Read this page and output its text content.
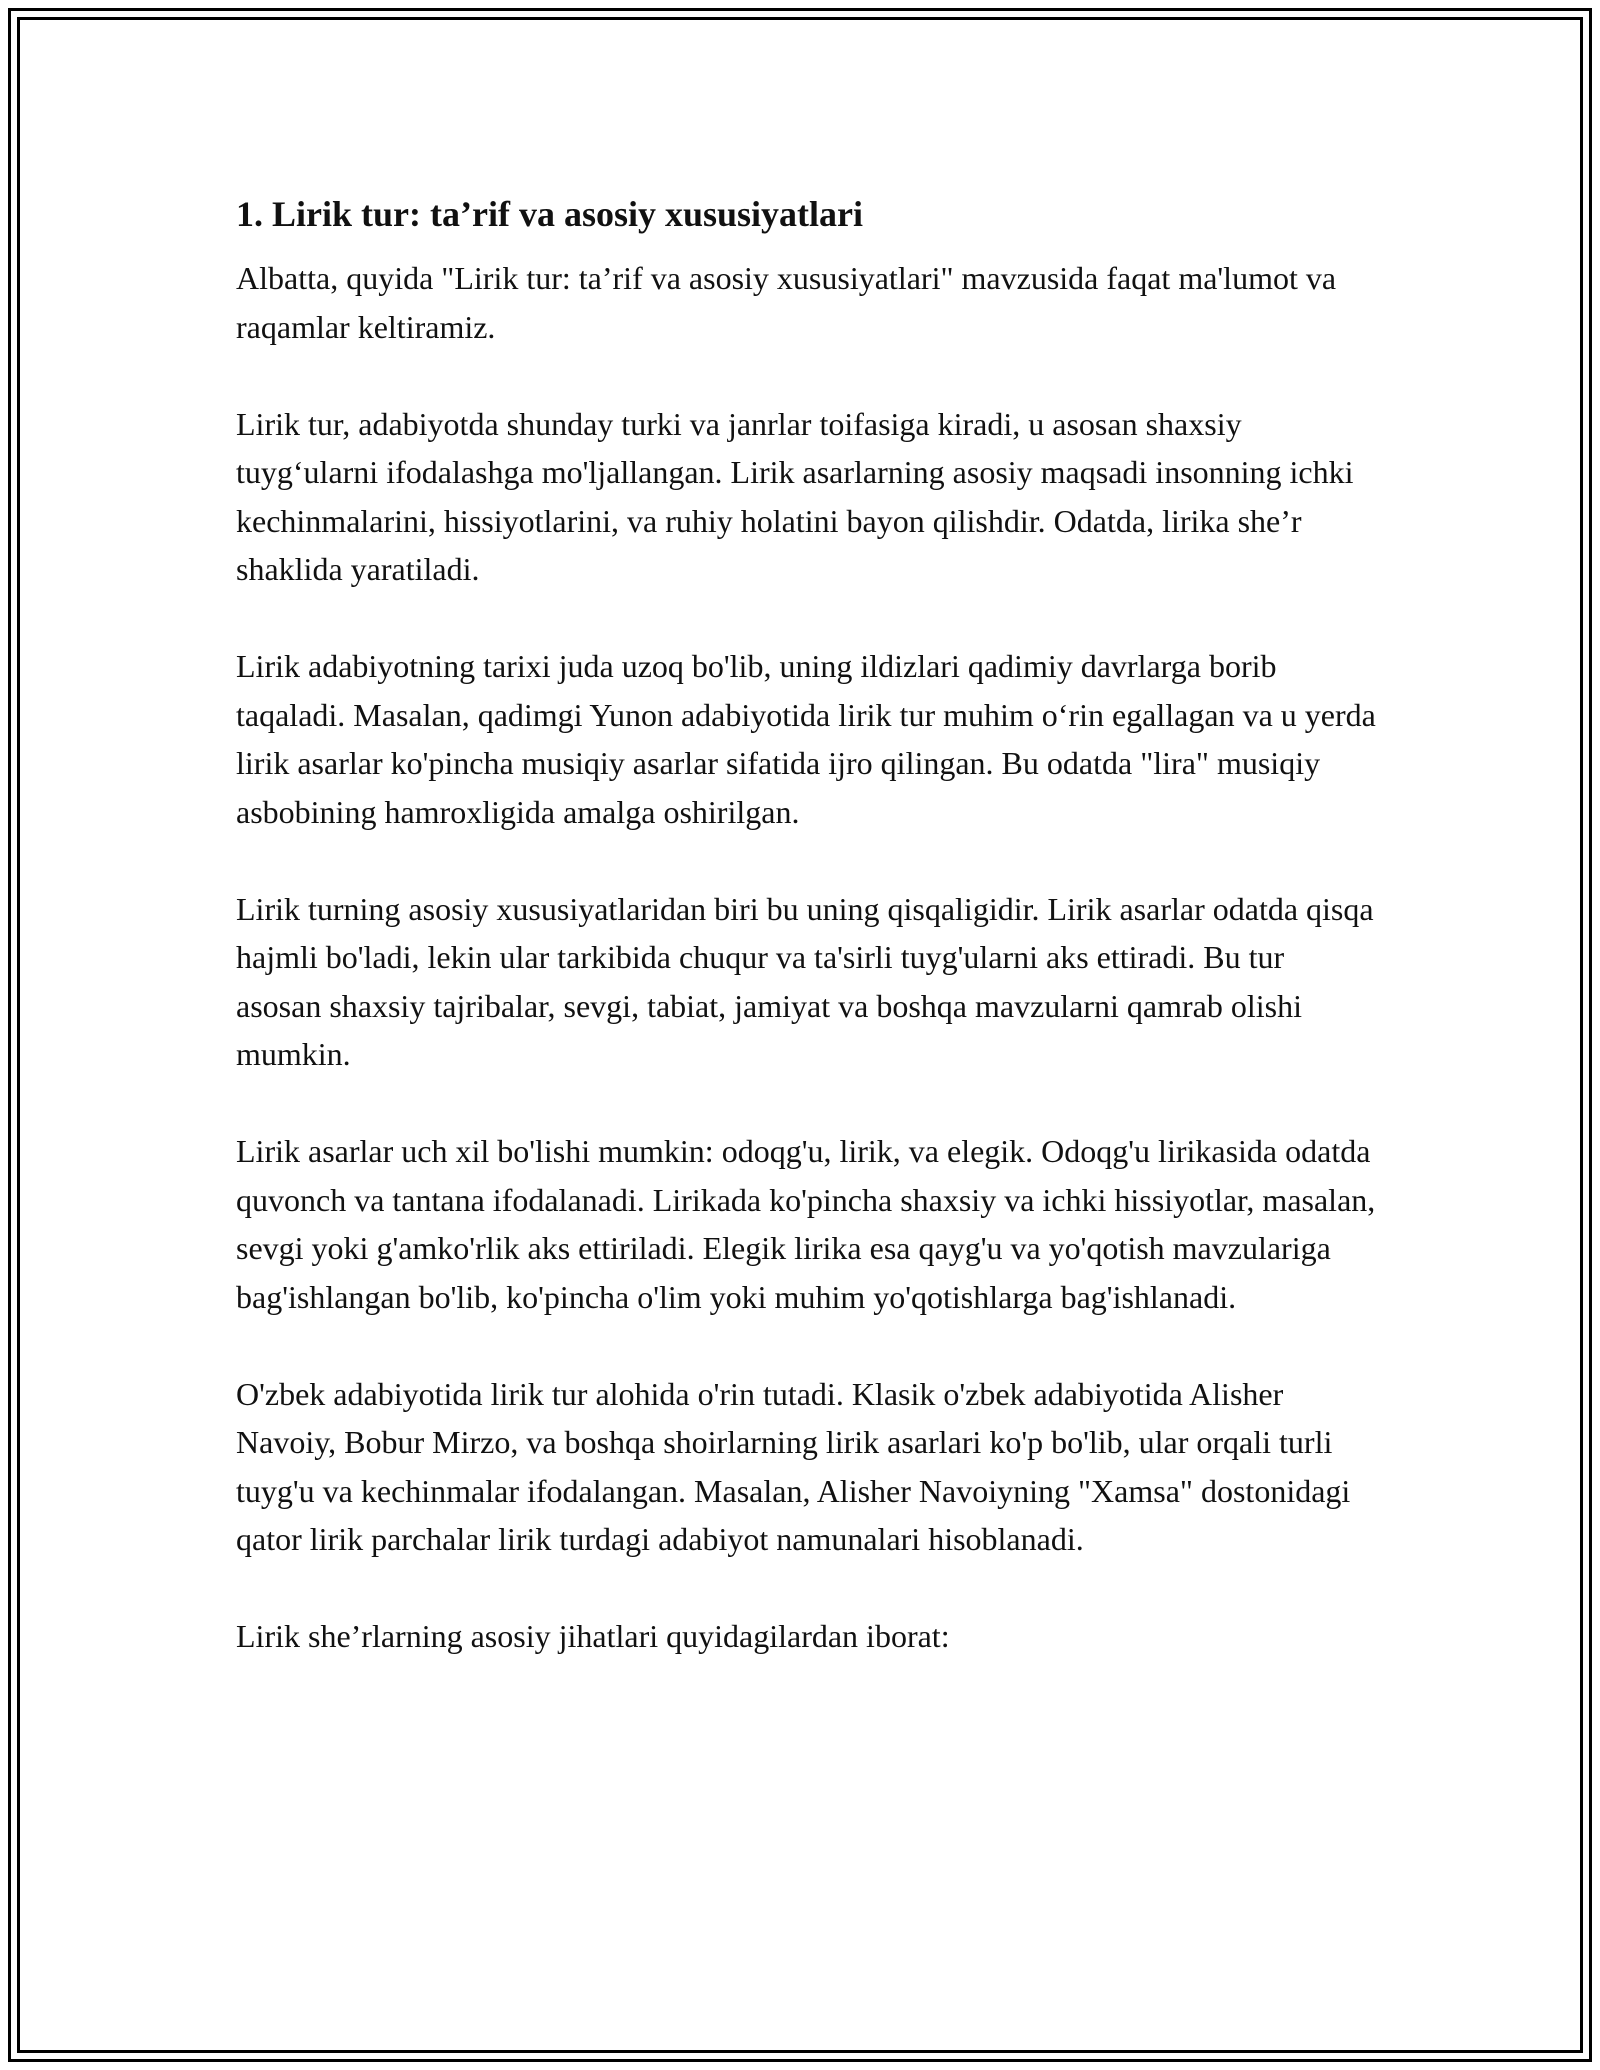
1. Lirik tur: ta’rif va asosiy xususiyatlari

Albatta, quyida "Lirik tur: ta’rif va asosiy xususiyatlari" mavzusida faqat ma'lumot va raqamlar keltiramiz.

Lirik tur, adabiyotda shunday turki va janrlar toifasiga kiradi, u asosan shaxsiy tuyg‘ularni ifodalashga mo'ljallangan. Lirik asarlarning asosiy maqsadi insonning ichki kechinmalarini, hissiyotlarini, va ruhiy holatini bayon qilishdir. Odatda, lirika she’r shaklida yaratiladi.

Lirik adabiyotning tarixi juda uzoq bo'lib, uning ildizlari qadimiy davrlarga borib taqaladi. Masalan, qadimgi Yunon adabiyotida lirik tur muhim o‘rin egallagan va u yerda lirik asarlar ko'pincha musiqiy asarlar sifatida ijro qilingan. Bu odatda "lira" musiqiy asbobining hamroxligida amalga oshirilgan.

Lirik turning asosiy xususiyatlaridan biri bu uning qisqaligidir. Lirik asarlar odatda qisqa hajmli bo'ladi, lekin ular tarkibida chuqur va ta'sirli tuyg'ularni aks ettiradi. Bu tur asosan shaxsiy tajribalar, sevgi, tabiat, jamiyat va boshqa mavzularni qamrab olishi mumkin.

Lirik asarlar uch xil bo'lishi mumkin: odoqg'u, lirik, va elegik. Odoqg'u lirikasida odatda quvonch va tantana ifodalanadi. Lirikada ko'pincha shaxsiy va ichki hissiyotlar, masalan, sevgi yoki g'amko'rlik aks ettiriladi. Elegik lirika esa qayg'u va yo'qotish mavzulariga bag'ishlangan bo'lib, ko'pincha o'lim yoki muhim yo'qotishlarga bag'ishlanadi.

O'zbek adabiyotida lirik tur alohida o'rin tutadi. Klasik o'zbek adabiyotida Alisher Navoiy, Bobur Mirzo, va boshqa shoirlarning lirik asarlari ko'p bo'lib, ular orqali turli tuyg'u va kechinmalar ifodalangan. Masalan, Alisher Navoiyning "Xamsa" dostonidagi qator lirik parchalar lirik turdagi adabiyot namunalari hisoblanadi.

Lirik she’rlarning asosiy jihatlari quyidagilardan iborat:
